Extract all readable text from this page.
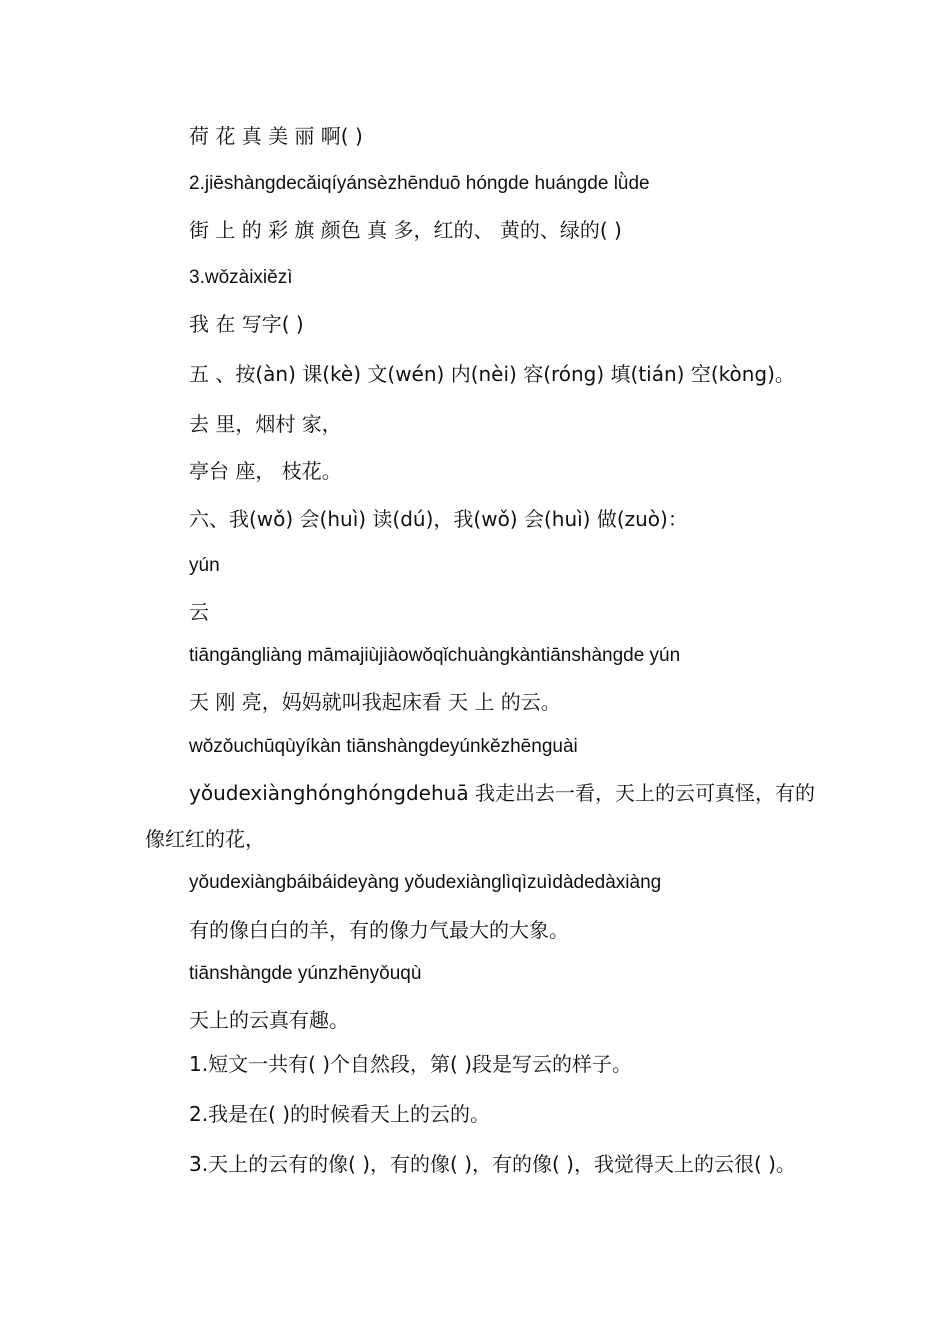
荷 花 真 美 丽 啊( )
2.jiēshàngdecǎiqíyánsèzhēnduō hóngde huángde lǜde
街 上 的 彩 旗 颜色 真 多，红的、 黄的、绿的( )
3.wǒzàixiězì
我 在 写字( )
五 、按(àn) 课(kè) 文(wén) 内(nèi) 容(róng) 填(tián) 空(kòng)。
去 里，烟村 家，
亭台 座， 枝花。
六、我(wǒ) 会(huì) 读(dú)，我(wǒ) 会(huì) 做(zuò)：
yún
云
tiāngāngliàng māmajiùjiàowǒqǐchuàngkàntiānshàngde yún
天 刚 亮，妈妈就叫我起床看 天 上 的云。
wǒzǒuchūqùyíkàn tiānshàngdeyúnkězhēnguài
yǒudexiànghónghóngdehuā 我走出去一看，天上的云可真怪，有的像红红的花，
yǒudexiàngbáibáideyàng yǒudexiànglìqìzuìdàdedàxiàng
有的像白白的羊，有的像力气最大的大象。
tiānshàngde yúnzhēnyǒuqù
天上的云真有趣。
1.短文一共有( )个自然段，第( )段是写云的样子。
2.我是在( )的时候看天上的云的。
3.天上的云有的像( )，有的像( )，有的像( )，我觉得天上的云很( )。
